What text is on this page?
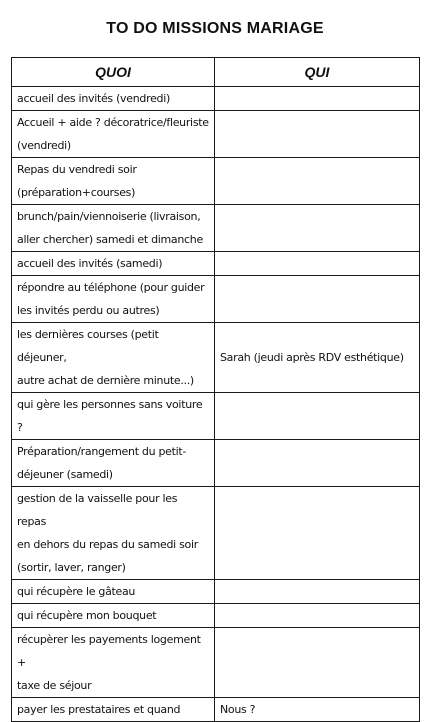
TO DO MISSIONS MARIAGE
QUOI	QUI

accueil des invités (vendredi)	

Accueil + aide ? décoratrice/fleuriste
(vendredi)	

Repas du vendredi soir
(préparation+courses)	

brunch/pain/viennoiserie (livraison,
aller chercher) samedi et dimanche	

accueil des invités (samedi)	

répondre au téléphone (pour guider
les invités perdu ou autres)	

les dernières courses (petit déjeuner,
autre achat de dernière minute...)	Sarah (jeudi après RDV esthétique)

qui gère les personnes sans voiture ?	

Préparation/rangement du petit-
déjeuner (samedi)	

gestion de la vaisselle pour les repas
en dehors du repas du samedi soir
(sortir, laver, ranger)	

qui récupère le gâteau	

qui récupère mon bouquet	

récupèrer les payements logement +
taxe de séjour	

payer les prestataires et quand	Nous ?
